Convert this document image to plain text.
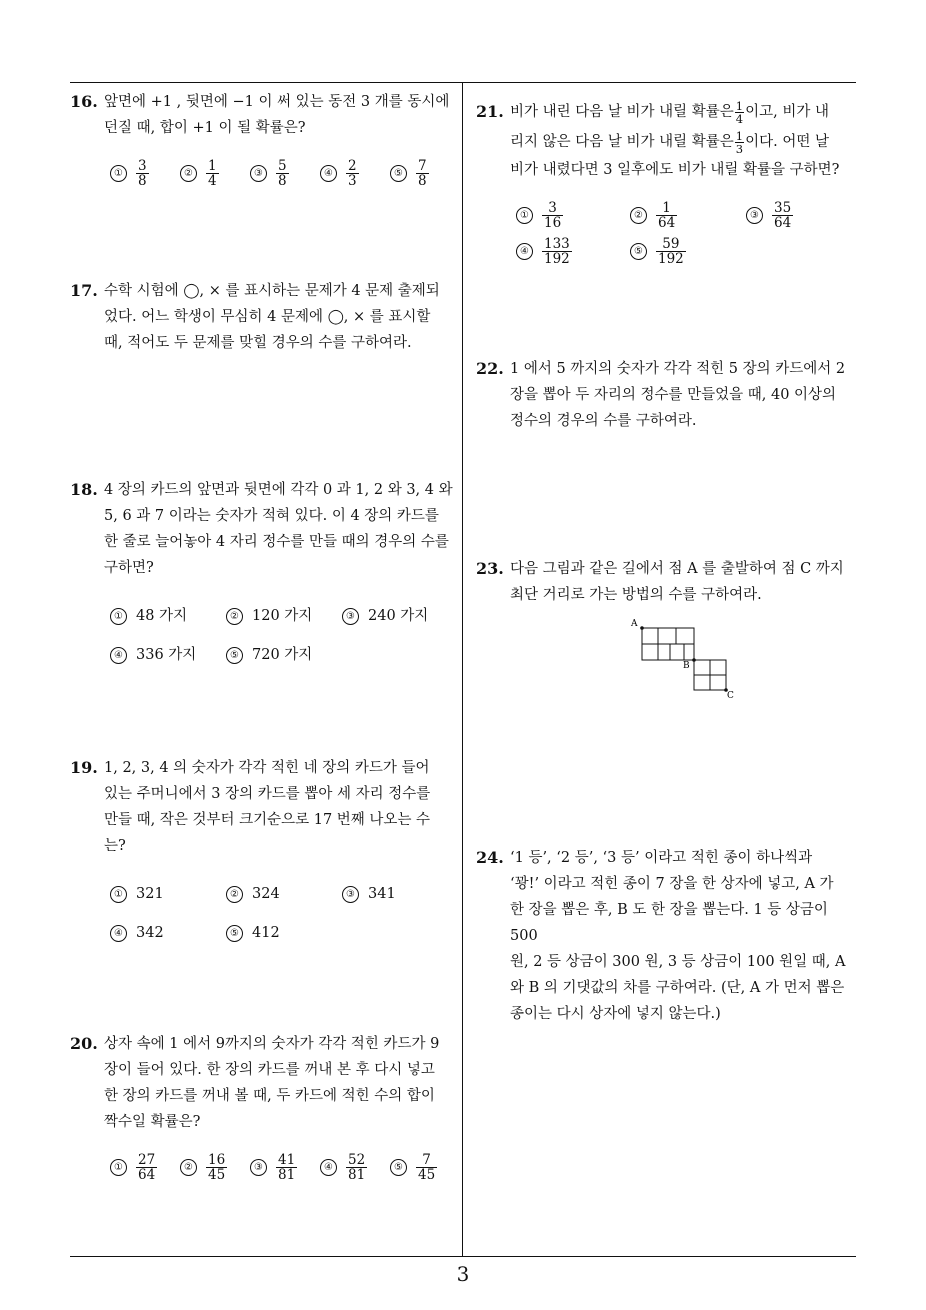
16. 앞면에 +1 , 뒷면에 −1 이 써 있는 동전 3 개를 동시에

던질 때, 합이 +1 이 될 확률은?

① $\frac{3}{8}$	② $\frac{1}{4}$	③ $\frac{5}{8}$	④ $\frac{2}{3}$	⑤ $\frac{7}{8}$
17. 수학 시험에 ◯, × 를 표시하는 문제가 4 문제 출제되

었다. 어느 학생이 무심히 4 문제에 ◯, × 를 표시할

때, 적어도 두 문제를 맞힐 경우의 수를 구하여라.

18. 4 장의 카드의 앞면과 뒷면에 각각 0 과 1, 2 와 3, 4 와

5, 6 과 7 이라는 숫자가 적혀 있다. 이 4 장의 카드를

한 줄로 늘어놓아 4 자리 정수를 만들 때의 경우의 수를

구하면?

① 48 가지	② 120 가지	③ 240 가지
④ 336 가지	⑤ 720 가지
19. 1, 2, 3, 4 의 숫자가 각각 적힌 네 장의 카드가 들어

있는 주머니에서 3 장의 카드를 뽑아 세 자리 정수를

만들 때, 작은 것부터 크기순으로 17 번째 나오는 수

는?

① 321	② 324	③ 341
④ 342	⑤ 412
20. 상자 속에 1 에서 9까지의 숫자가 각각 적힌 카드가 9

장이 들어 있다. 한 장의 카드를 꺼내 본 후 다시 넣고

한 장의 카드를 꺼내 볼 때, 두 카드에 적힌 수의 합이

짝수일 확률은?

① $\frac{27}{64}$	② $\frac{16}{45}$	③ $\frac{41}{81}$	④ $\frac{52}{81}$	⑤ $\frac{7}{45}$
21. 비가 내린 다음 날 비가 내릴 확률은 $\frac{1}{4}$ 이고, 비가 내

리지 않은 다음 날 비가 내릴 확률은 $\frac{1}{3}$ 이다. 어떤 날

비가 내렸다면 3 일후에도 비가 내릴 확률을 구하면?

① $\frac{3}{16}$	② $\frac{1}{64}$	③ $\frac{35}{64}$
④ $\frac{133}{192}$	⑤ $\frac{59}{192}$
22. 1 에서 5 까지의 숫자가 각각 적힌 5 장의 카드에서 2

장을 뽑아 두 자리의 정수를 만들었을 때, 40 이상의

정수의 경우의 수를 구하여라.

23. 다음 그림과 같은 길에서 점 A 를 출발하여 점 C 까지

최단 거리로 가는 방법의 수를 구하여라.

A
B
C
24. ‘1 등’, ‘2 등’, ‘3 등’ 이라고 적힌 종이 하나씩과

‘꽝!’ 이라고 적힌 종이 7 장을 한 상자에 넣고, A 가

한 장을 뽑은 후, B 도 한 장을 뽑는다. 1 등 상금이 500

원, 2 등 상금이 300 원, 3 등 상금이 100 원일 때, A

와 B 의 기댓값의 차를 구하여라. (단, A 가 먼저 뽑은

종이는 다시 상자에 넣지 않는다.)

3
